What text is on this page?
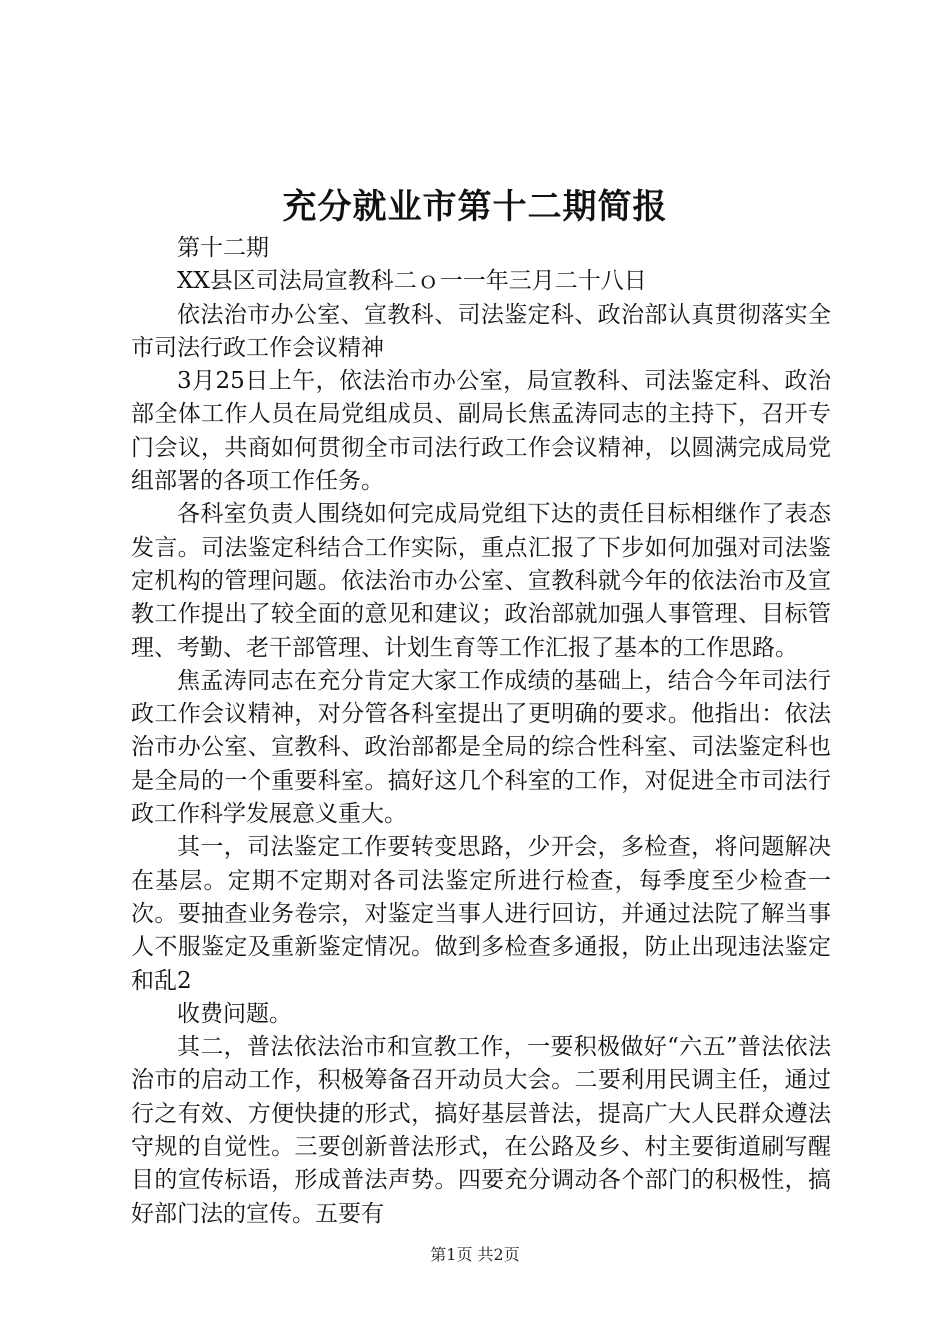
充分就业市第十二期简报

第十二期

XX县区司法局宣教科二ｏ一一年三月二十八日

依法治市办公室、宣教科、司法鉴定科、政治部认真贯彻落实全市司法行政工作会议精神

3月25日上午，依法治市办公室，局宣教科、司法鉴定科、政治部全体工作人员在局党组成员、副局长焦孟涛同志的主持下，召开专门会议，共商如何贯彻全市司法行政工作会议精神，以圆满完成局党组部署的各项工作任务。

各科室负责人围绕如何完成局党组下达的责任目标相继作了表态发言。司法鉴定科结合工作实际，重点汇报了下步如何加强对司法鉴定机构的管理问题。依法治市办公室、宣教科就今年的依法治市及宣教工作提出了较全面的意见和建议；政治部就加强人事管理、目标管理、考勤、老干部管理、计划生育等工作汇报了基本的工作思路。

焦孟涛同志在充分肯定大家工作成绩的基础上，结合今年司法行政工作会议精神，对分管各科室提出了更明确的要求。他指出：依法治市办公室、宣教科、政治部都是全局的综合性科室、司法鉴定科也是全局的一个重要科室。搞好这几个科室的工作，对促进全市司法行政工作科学发展意义重大。

其一，司法鉴定工作要转变思路，少开会，多检查，将问题解决在基层。定期不定期对各司法鉴定所进行检查，每季度至少检查一次。要抽查业务卷宗，对鉴定当事人进行回访，并通过法院了解当事人不服鉴定及重新鉴定情况。做到多检查多通报，防止出现违法鉴定和乱2

收费问题。

其二，普法依法治市和宣教工作，一要积极做好“六五”普法依法治市的启动工作，积极筹备召开动员大会。二要利用民调主任，通过行之有效、方便快捷的形式，搞好基层普法，提高广大人民群众遵法守规的自觉性。三要创新普法形式，在公路及乡、村主要街道刷写醒目的宣传标语，形成普法声势。四要充分调动各个部门的积极性，搞好部门法的宣传。五要有

第1页 共2页
